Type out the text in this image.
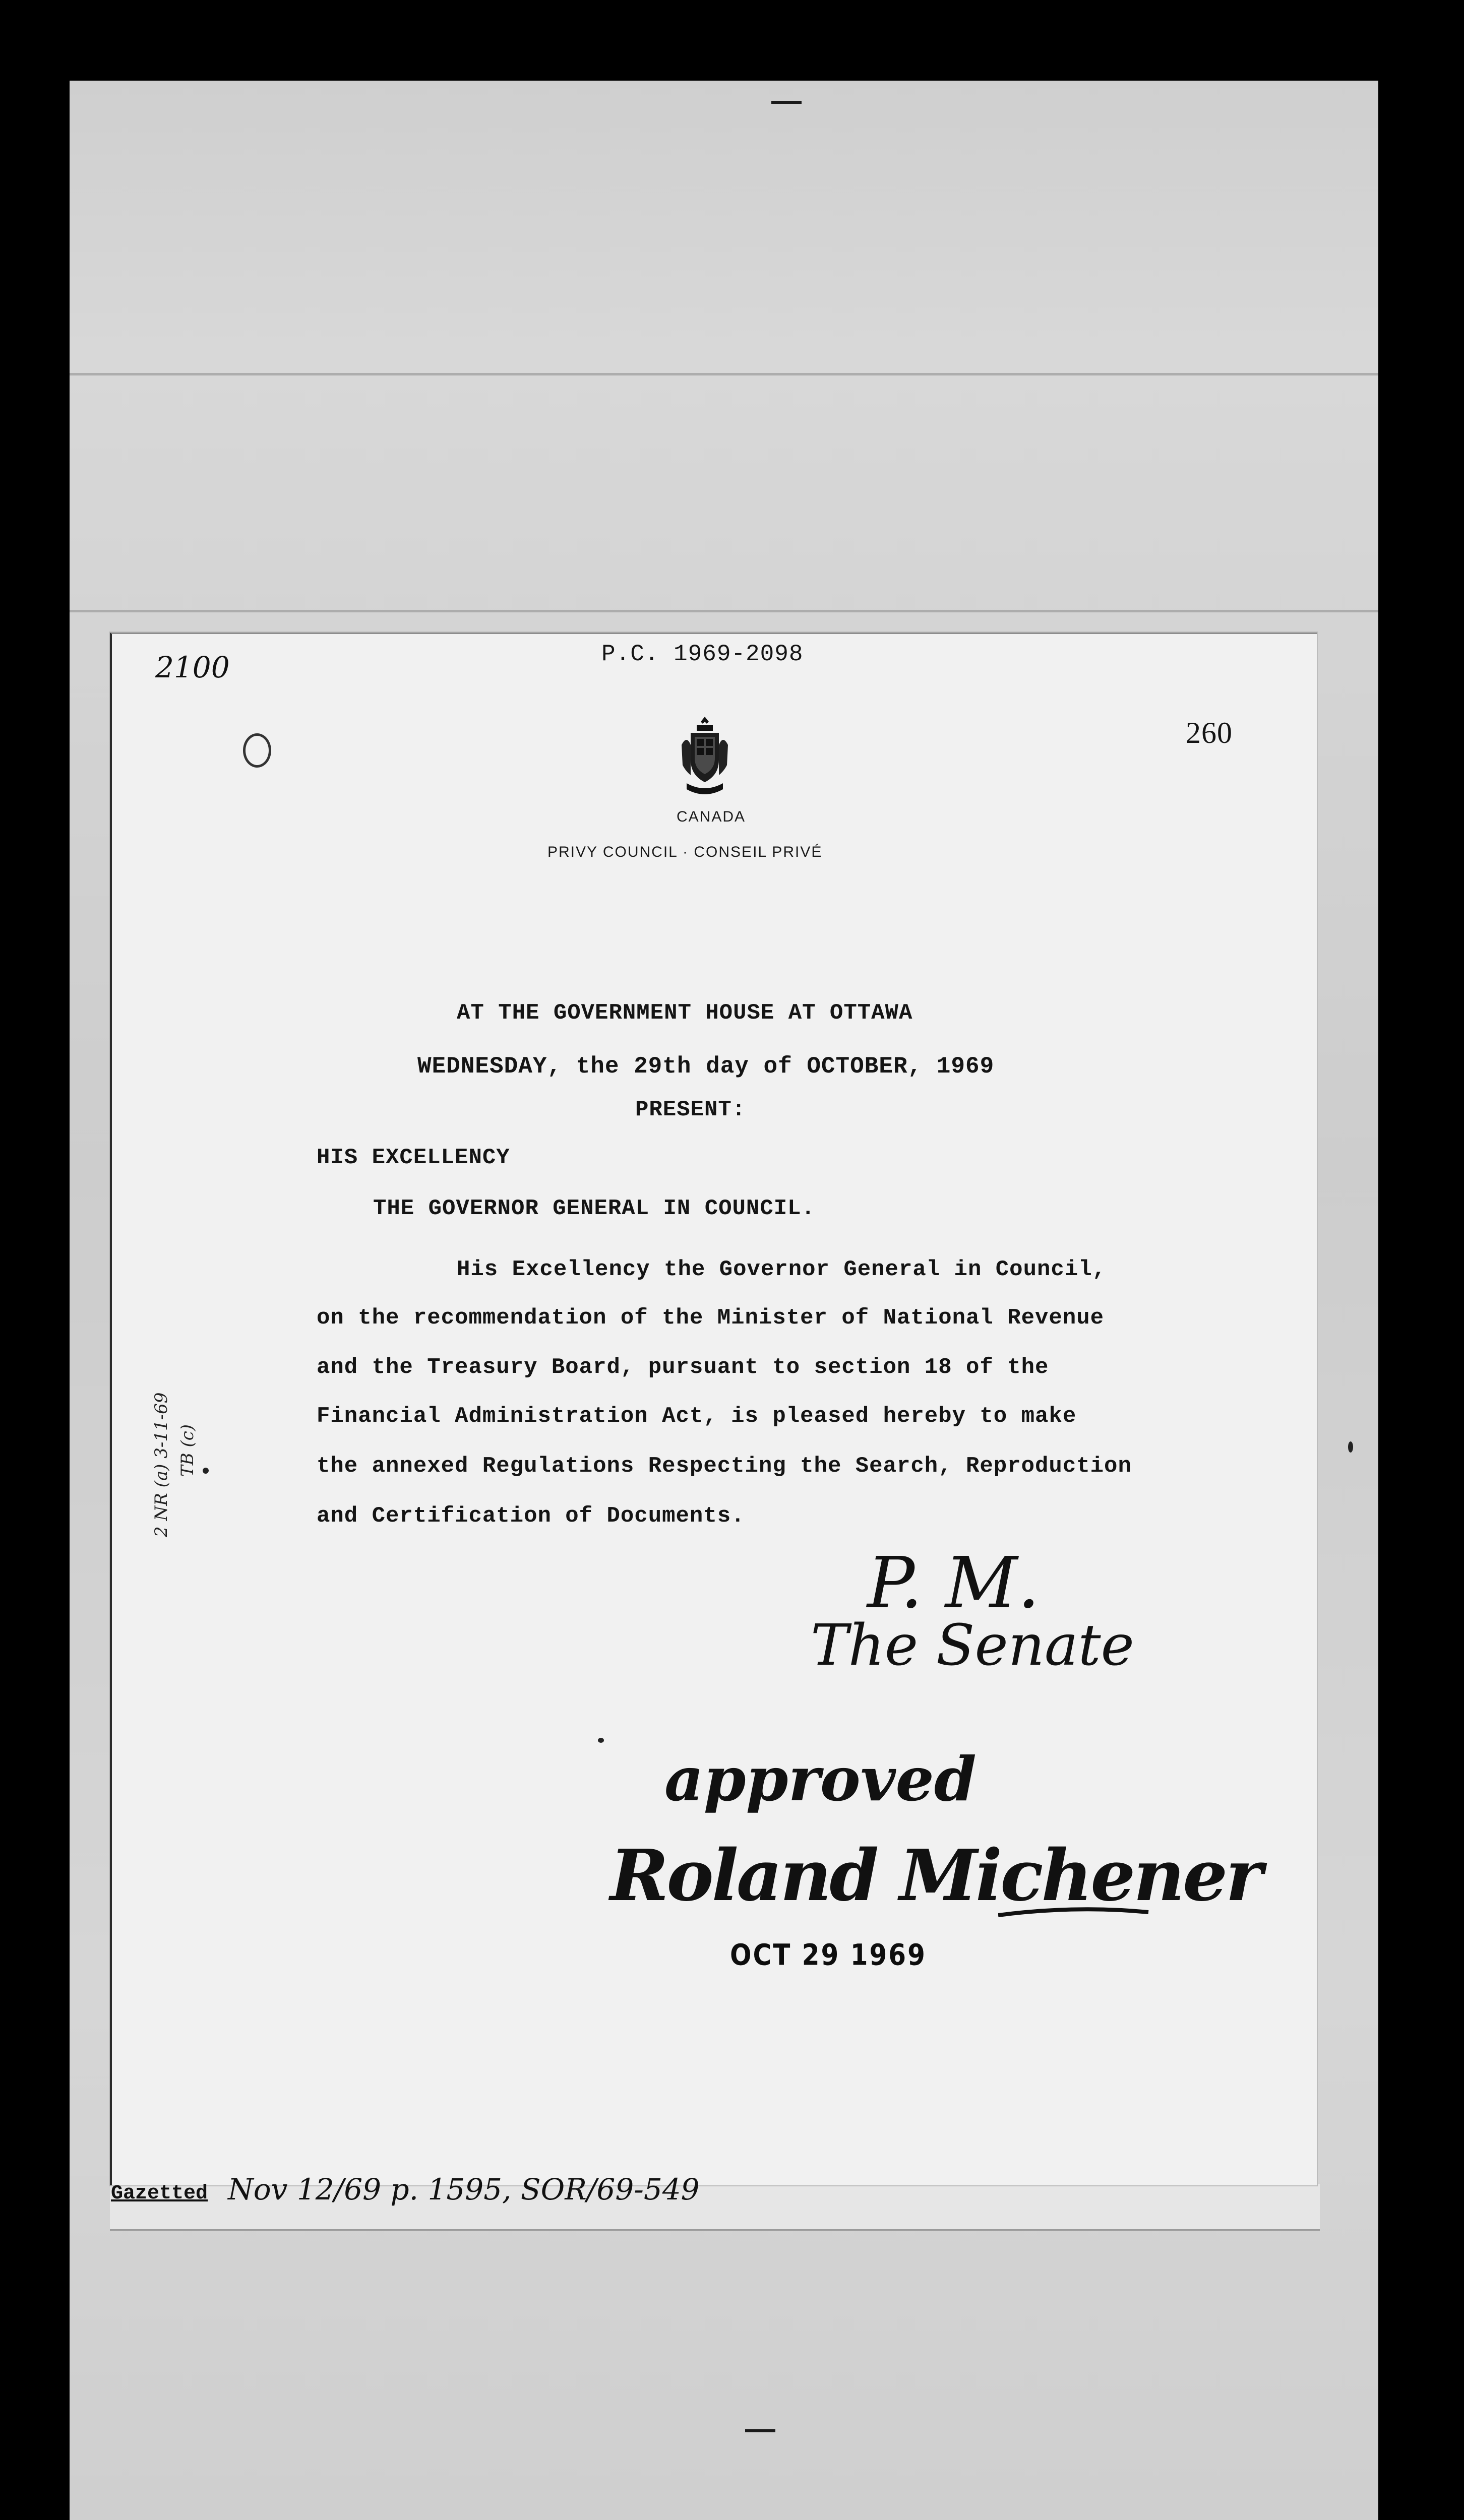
2100	P.C. 1969-2098
260
CANADA
PRIVY COUNCIL · CONSEIL PRIVÉ
AT THE GOVERNMENT HOUSE AT OTTAWA
WEDNESDAY, the 29th day of OCTOBER, 1969
PRESENT:
HIS EXCELLENCY
THE GOVERNOR GENERAL IN COUNCIL.
His Excellency the Governor General in Council,
on the recommendation of the Minister of National Revenue
and the Treasury Board, pursuant to section 18 of the
Financial Administration Act, is pleased hereby to make
the annexed Regulations Respecting the Search, Reproduction
and Certification of Documents.
2 NR (a) 3-11-69 TB (c)
P. M.
The Senate
approved
Roland Michener
OCT 29 1969
Gazetted Nov 12/69 p. 1595, SOR/69-549
